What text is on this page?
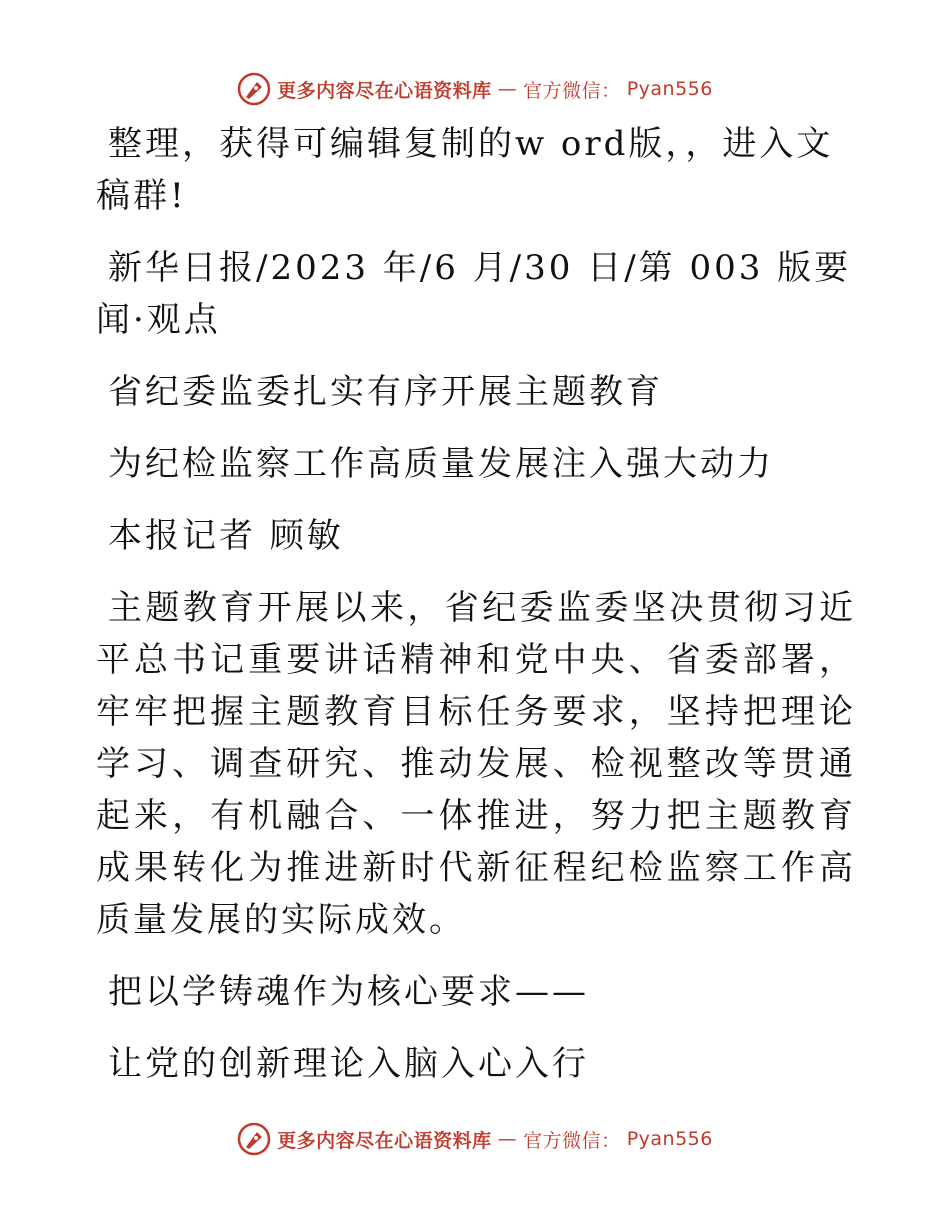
更多内容尽在心语资料库 — 官方微信： Pyan556

整理，获得可编辑复制的w ord版，，进入文稿群!

新华日报/2023 年/6 月/30 日/第 003 版要闻·观点

省纪委监委扎实有序开展主题教育

为纪检监察工作高质量发展注入强大动力

本报记者 顾敏

主题教育开展以来，省纪委监委坚决贯彻习近平总书记重要讲话精神和党中央、省委部署，牢牢把握主题教育目标任务要求，坚持把理论学习、调查研究、推动发展、检视整改等贯通起来，有机融合、一体推进，努力把主题教育成果转化为推进新时代新征程纪检监察工作高质量发展的实际成效。

把以学铸魂作为核心要求——

让党的创新理论入脑入心入行

更多内容尽在心语资料库 — 官方微信： Pyan556
